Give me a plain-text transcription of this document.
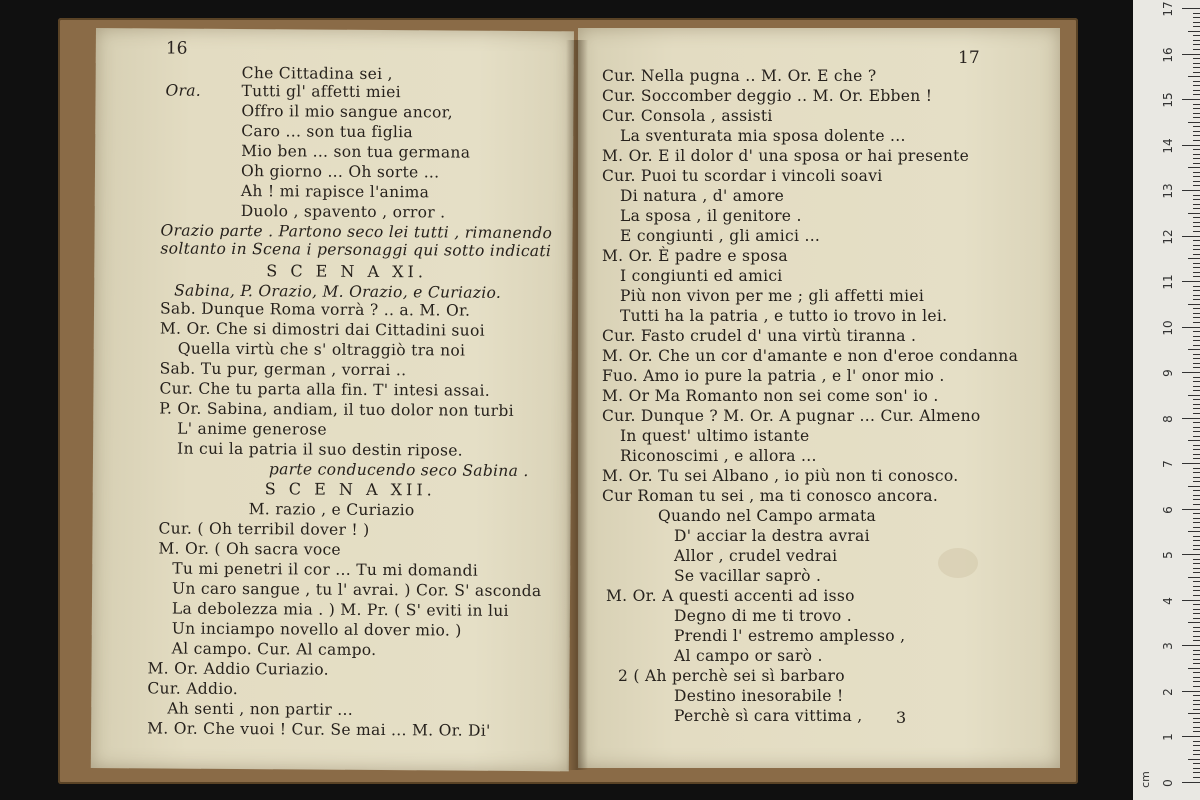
16
Che Cittadina sei ,
Ora.	Tutti gl' affetti miei
Offro il mio sangue ancor,
Caro ... son tua figlia
Mio ben ... son tua germana
Oh giorno ... Oh sorte ...
Ah ! mi rapisce l'anima
Duolo , spavento , orror .
Orazio parte . Partono seco lei tutti , rimanendo
soltanto in Scena i personaggi qui sotto indicati
S C E N A XI.
Sabina, P. Orazio, M. Orazio, e Curiazio.
Sab. Dunque Roma vorrà ? .. a. M. Or.
M. Or. Che si dimostri dai Cittadini suoi
Quella virtù che s' oltraggiò tra noi
Sab. Tu pur, german , vorrai ..
Cur. Che tu parta alla fin. T' intesi assai.
P. Or. Sabina, andiam, il tuo dolor non turbi
L' anime generose
In cui la patria il suo destin ripose.
parte conducendo seco Sabina .
S C E N A XII.
M. razio , e Curiazio
Cur. ( Oh terribil dover ! )
M. Or. ( Oh sacra voce
Tu mi penetri il cor ... Tu mi domandi
Un caro sangue , tu l' avrai. ) Cor. S' asconda
La debolezza mia . ) M. Pr. ( S' eviti in lui
Un inciampo novello al dover mio. )
Al campo. Cur. Al campo.
M. Or. Addio Curiazio.
Cur. Addio.
Ah senti , non partir ...
M. Or. Che vuoi ! Cur. Se mai ... M. Or. Di'
17
3
Cur. Nella pugna .. M. Or. E che ?
Cur. Soccomber deggio .. M. Or. Ebben !
Cur. Consola , assisti
La sventurata mia sposa dolente ...
M. Or. E il dolor d' una sposa or hai presente
Cur. Puoi tu scordar i vincoli soavi
Di natura , d' amore
La sposa , il genitore .
E congiunti , gli amici ...
M. Or. È padre e sposa
I congiunti ed amici
Più non vivon per me ; gli affetti miei
Tutti ha la patria , e tutto io trovo in lei.
Cur. Fasto crudel d' una virtù tiranna .
M. Or. Che un cor d'amante e non d'eroe condanna
Fuo. Amo io pure la patria , e l' onor mio .
M. Or Ma Romanto non sei come son' io .
Cur. Dunque ? M. Or. A pugnar ... Cur. Almeno
In quest' ultimo istante
Riconoscimi , e allora ...
M. Or. Tu sei Albano , io più non ti conosco.
Cur Roman tu sei , ma ti conosco ancora.
Quando nel Campo armata
D' acciar la destra avrai
Allor , crudel vedrai
Se vacillar saprò .
M. Or. A questi accenti ad isso
Degno di me ti trovo .
Prendi l' estremo amplesso ,
Al campo or sarò .
2 ( Ah perchè sei sì barbaro
Destino inesorabile !
Perchè sì cara vittima ,
cm
17
16
15
14
13
12
11
10
9
8
7
6
5
4
3
2
1
0
